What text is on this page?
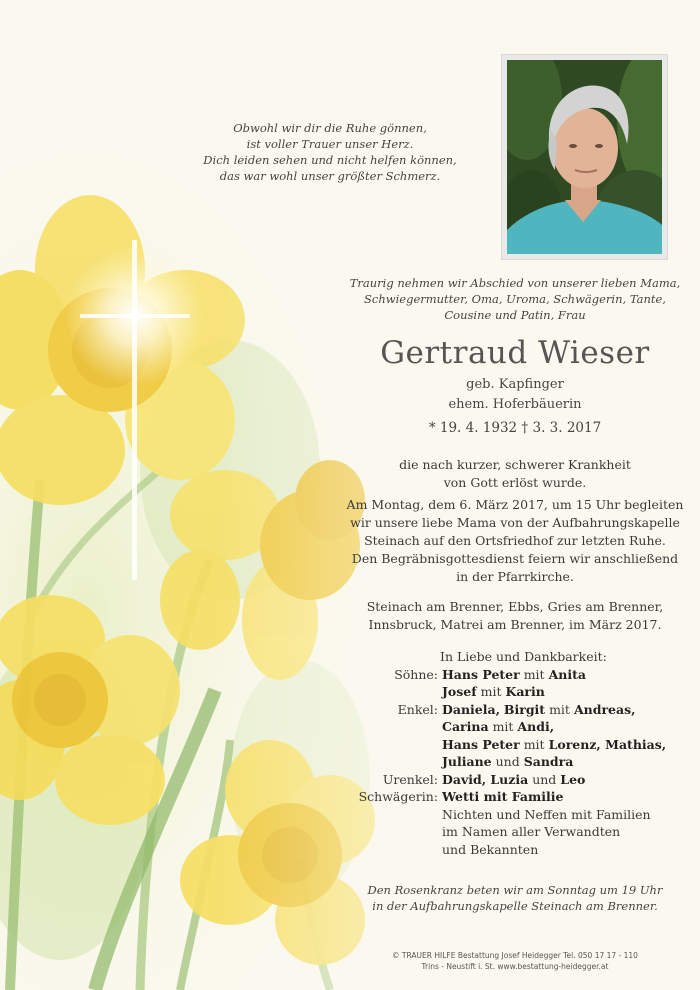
Obwohl wir dir die Ruhe gönnen,
ist voller Trauer unser Herz.
Dich leiden sehen und nicht helfen können,
das war wohl unser größter Schmerz.
Traurig nehmen wir Abschied von unserer lieben Mama,
Schwiegermutter, Oma, Uroma, Schwägerin, Tante,
Cousine und Patin, Frau
Gertraud Wieser
geb. Kapfinger
ehem. Hoferbäuerin
* 19. 4. 1932 † 3. 3. 2017
die nach kurzer, schwerer Krankheit
von Gott erlöst wurde.
Am Montag, dem 6. März 2017, um 15 Uhr begleiten
wir unsere liebe Mama von der Aufbahrungskapelle
Steinach auf den Ortsfriedhof zur letzten Ruhe.
Den Begräbnisgottesdienst feiern wir anschließend
in der Pfarrkirche.
Steinach am Brenner, Ebbs, Gries am Brenner,
Innsbruck, Matrei am Brenner, im März 2017.
In Liebe und Dankbarkeit:
Söhne: Hans Peter mit Anita
Josef mit Karin
Enkel: Daniela, Birgit mit Andreas,
Carina mit Andi,
Hans Peter mit Lorenz, Mathias,
Juliane und Sandra
Urenkel: David, Luzia und Leo
Schwägerin: Wetti mit Familie
Nichten und Neffen mit Familien
im Namen aller Verwandten
und Bekannten
Den Rosenkranz beten wir am Sonntag um 19 Uhr
in der Aufbahrungskapelle Steinach am Brenner.
© TRAUER HILFE Bestattung Josef Heidegger Tel. 050 17 17 - 110
Trins - Neustift i. St. www.bestattung-heidegger.at
